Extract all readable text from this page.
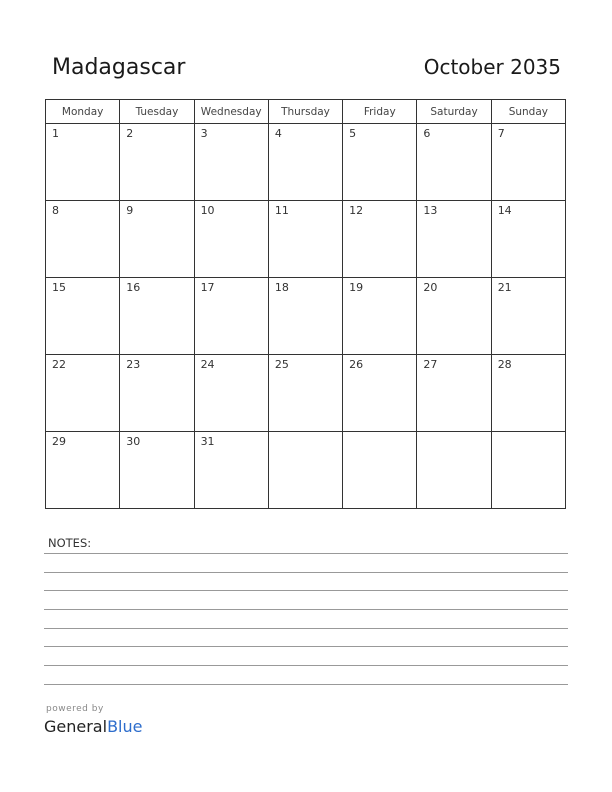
Madagascar	October 2035
Monday	Tuesday	Wednesday	Thursday	Friday	Saturday	Sunday

1	2	3	4	5	6	7

8	9	10	11	12	13	14

15	16	17	18	19	20	21

22	23	24	25	26	27	28

29	30	31				

NOTES:
powered by
GeneralBlue
